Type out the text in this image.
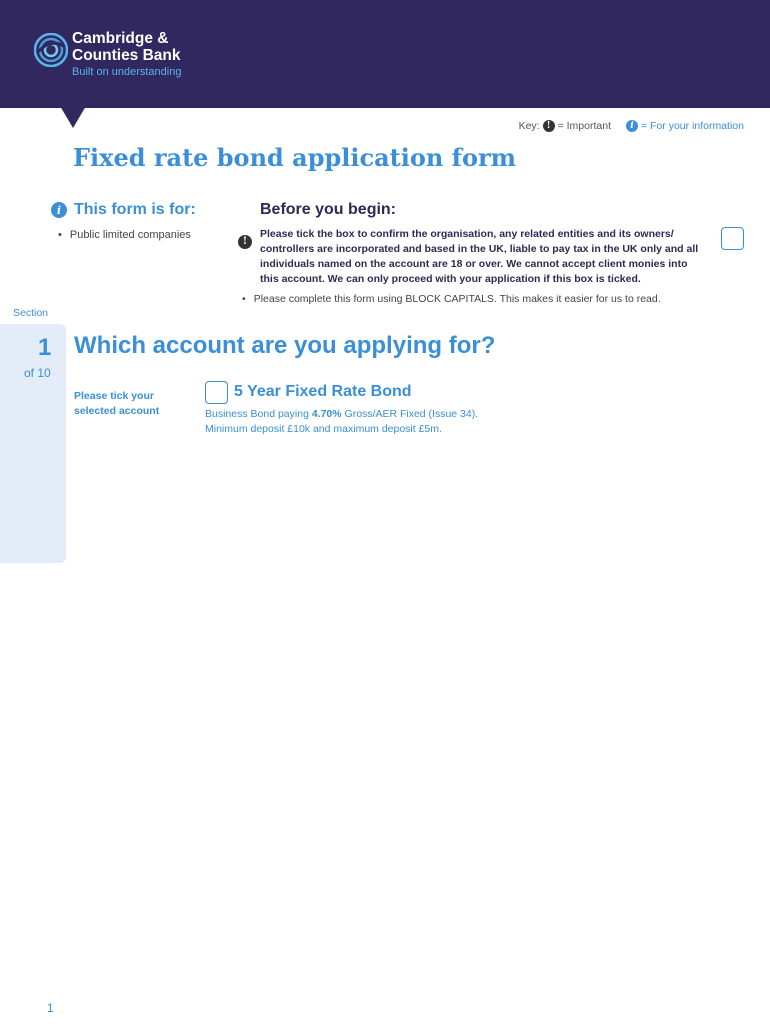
Cambridge &
Counties Bank
Built on understanding
Key: ! = Important	i = For your information
Fixed rate bond application form
i This form is for:
• Public limited companies
Before you begin:
!
Please tick the box to confirm the organisation, any related entities and its owners/ controllers are incorporated and based in the UK, liable to pay tax in the UK only and all individuals named on the account are 18 or over. We cannot accept client monies into this account. We can only proceed with your application if this box is ticked.
• Please complete this form using BLOCK CAPITALS. This makes it easier for us to read.
Section
1
of 10
Which account are you applying for?
Please tick your selected account
5 Year Fixed Rate Bond
Business Bond paying 4.70% Gross/AER Fixed (Issue 34).
Minimum deposit £10k and maximum deposit £5m.
1
